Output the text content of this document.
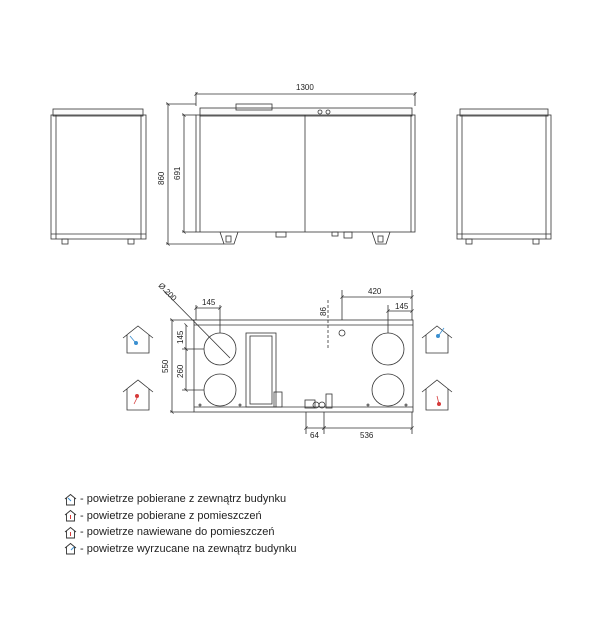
1300
860 691
Ø 200	145
86
420
145
550
145
260
64	536
- powietrze pobierane z zewnątrz budynku
- powietrze pobierane z pomieszczeń
- powietrze nawiewane do pomieszczeń
- powietrze wyrzucane na zewnątrz budynku
